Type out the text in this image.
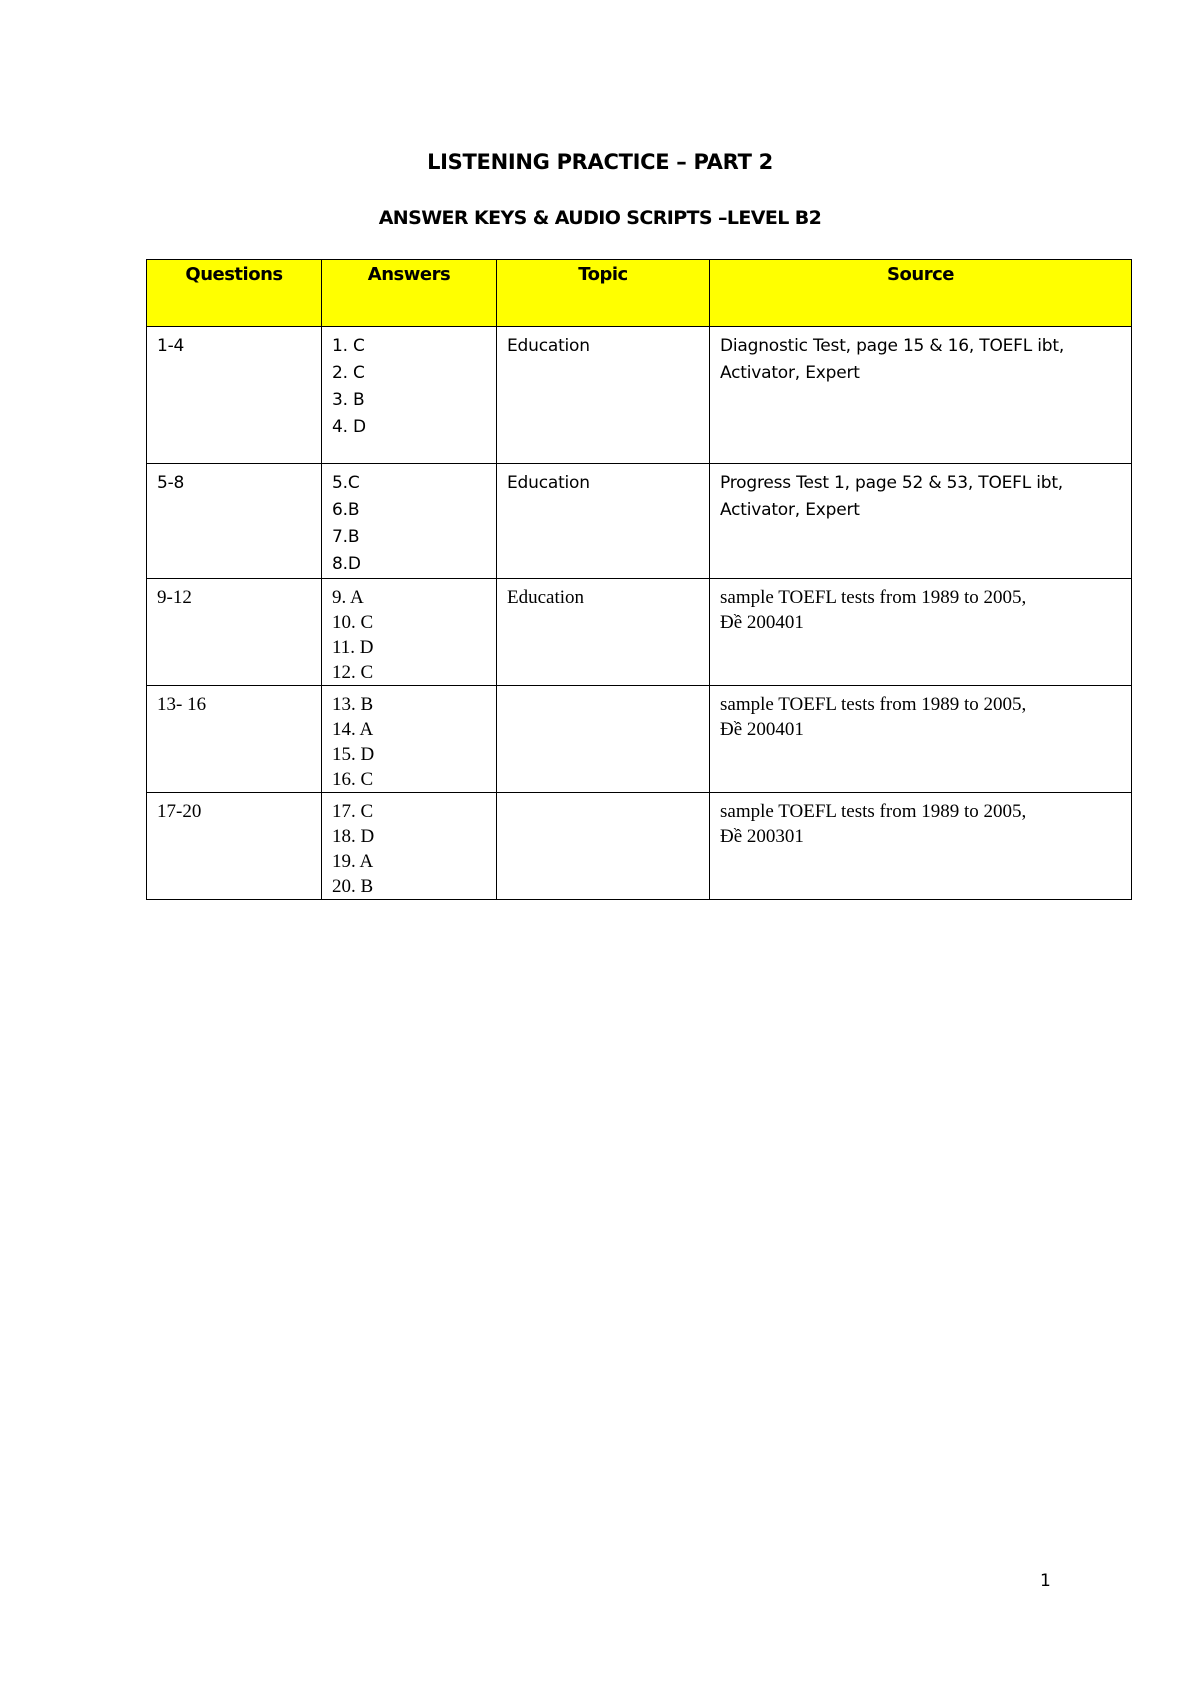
LISTENING PRACTICE – PART 2
ANSWER KEYS & AUDIO SCRIPTS –LEVEL B2
Questions	Answers	Topic	Source
1-4	1. C
2. C
3. B
4. D	Education	Diagnostic Test, page 15 & 16, TOEFL ibt, Activator, Expert
5-8	5.C
6.B
7.B
8.D	Education	Progress Test 1, page 52 & 53, TOEFL ibt, Activator, Expert
9-12	9. A
10. C
11. D
12. C	Education	sample TOEFL tests from 1989 to 2005,
Đề 200401

13- 16	13. B
14. A
15. D
16. C		sample TOEFL tests from 1989 to 2005,
Đề 200401

17-20	17. C
18. D
19. A
20. B		sample TOEFL tests from 1989 to 2005,
Đề 200301
1
